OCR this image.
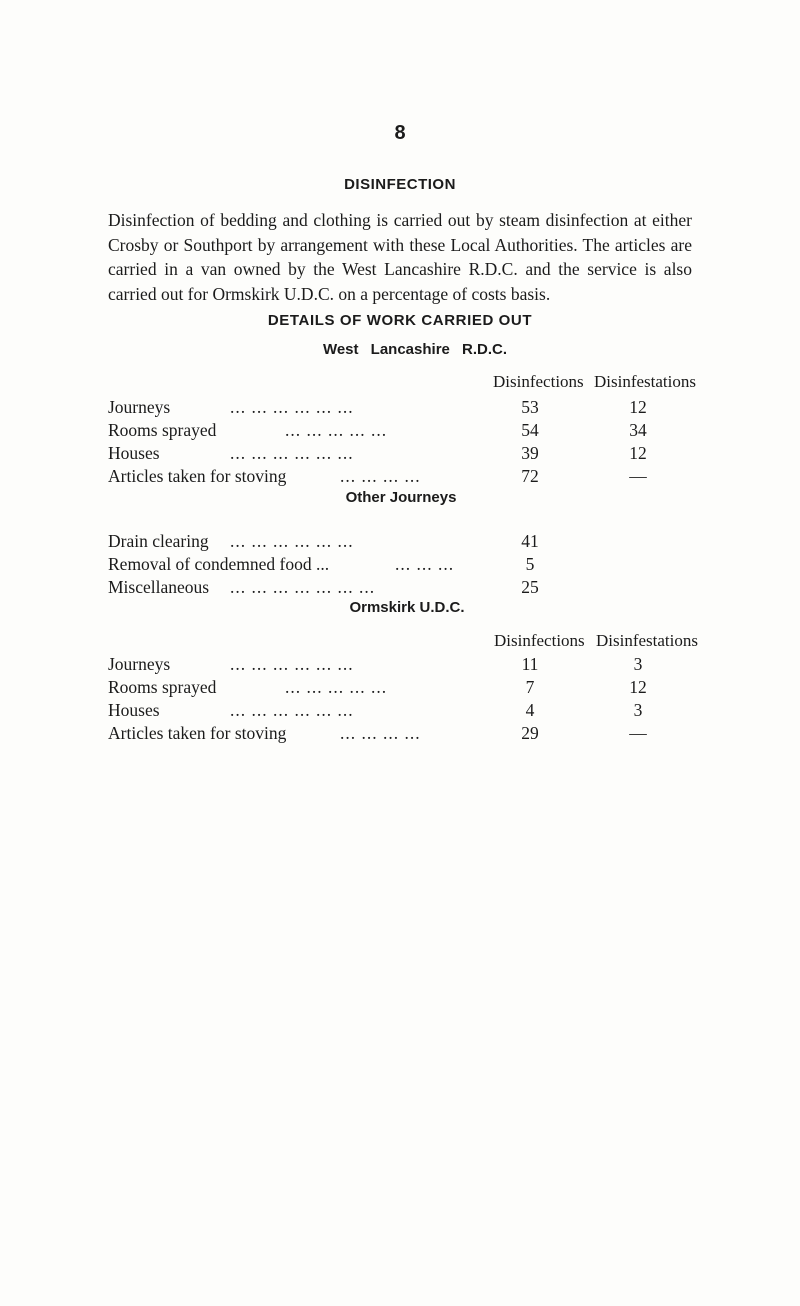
8
DISINFECTION
Disinfection of bedding and clothing is carried out by steam disinfection at either Crosby or Southport by arrangement with these Local Authorities. The articles are carried in a van owned by the West Lancashire R.D.C. and the service is also carried out for Ormskirk U.D.C. on a percentage of costs basis.
DETAILS OF WORK CARRIED OUT
West Lancashire R.D.C.
Disinfections Disinfestations
Journeys	... ... ... ... ... ...	53	12
Rooms sprayed	... ... ... ... ...	54	34
Houses	... ... ... ... ... ...	39	12
Articles taken for stoving	... ... ... ...	72	—
Other Journeys
Drain clearing ... ... ... ... ... ...	41
Removal of condemned food ...	... ... ...	5
Miscellaneous ... ... ... ... ... ... ...	25
Ormskirk U.D.C.
Disinfections Disinfestations
Journeys	... ... ... ... ... ...	11	3
Rooms sprayed	... ... ... ... ...	7	12
Houses	... ... ... ... ... ...	4	3
Articles taken for stoving	... ... ... ...	29	—
